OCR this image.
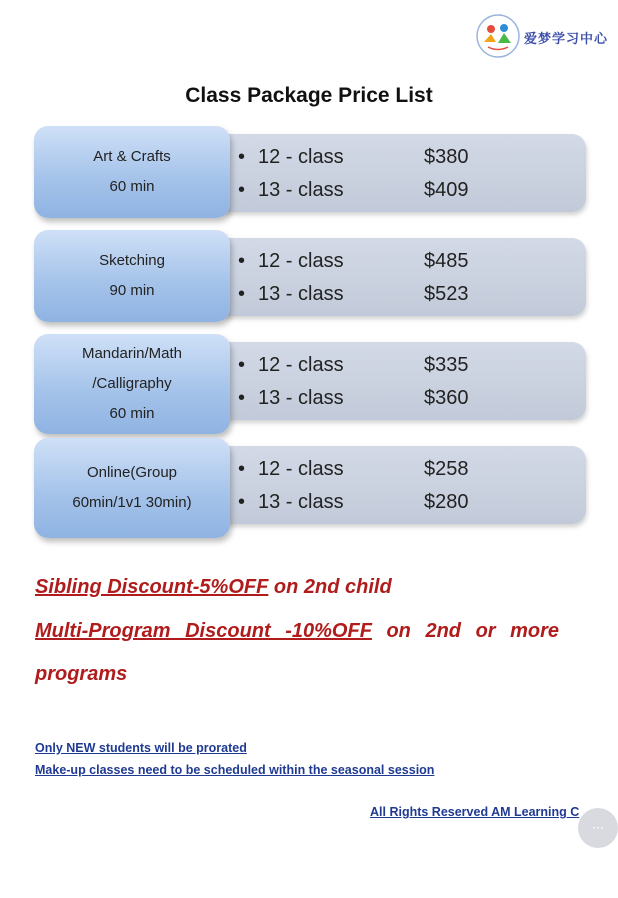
爱梦学习中心
Class Package Price List
Art & Crafts
60 min
• 12 - class	$380
• 13 - class	$409
Sketching
90 min
• 12 - class	$485
• 13 - class	$523
Mandarin/Math
/Calligraphy
60 min
• 12 - class	$335
• 13 - class	$360
Online(Group
60min/1v1 30min)
• 12 - class	$258
• 13 - class	$280
Sibling Discount-5%OFF on 2nd child
Multi-Program Discount -10%OFF on 2nd or more
programs
Only NEW students will be prorated
Make-up classes need to be scheduled within the seasonal session
All Rights Reserved AM Learning C
⋯
